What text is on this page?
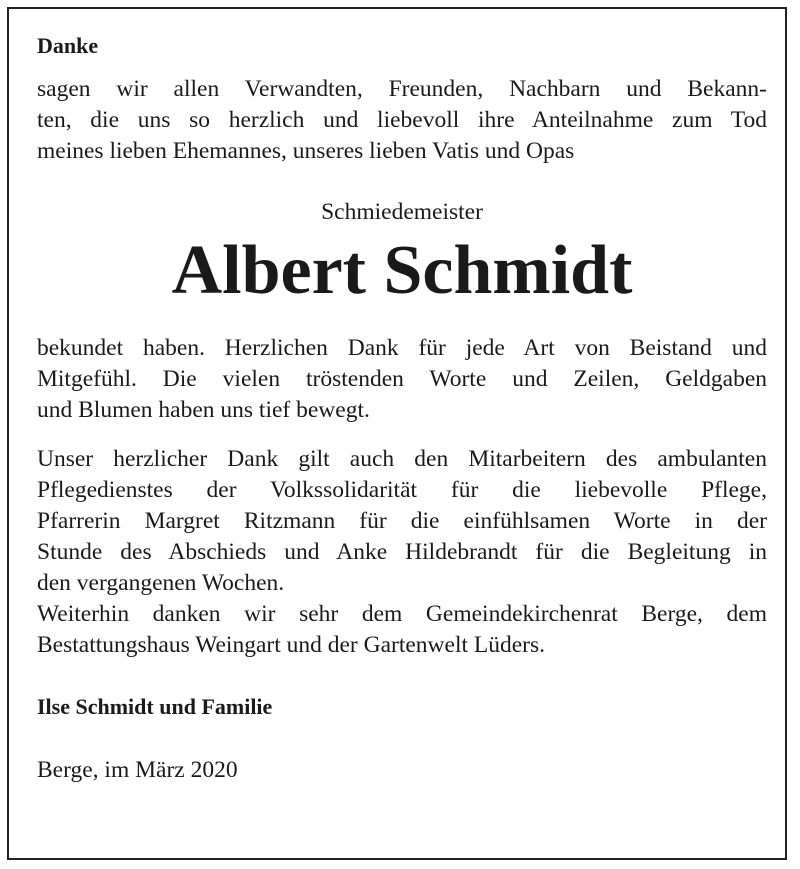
Danke
sagen wir allen Verwandten, Freunden, Nachbarn und Bekann-
ten, die uns so herzlich und liebevoll ihre Anteilnahme zum Tod
meines lieben Ehemannes, unseres lieben Vatis und Opas
Schmiedemeister
Albert Schmidt
bekundet haben. Herzlichen Dank für jede Art von Beistand und
Mitgefühl. Die vielen tröstenden Worte und Zeilen, Geldgaben
und Blumen haben uns tief bewegt.
Unser herzlicher Dank gilt auch den Mitarbeitern des ambulanten
Pflegedienstes der Volkssolidarität für die liebevolle Pflege,
Pfarrerin Margret Ritzmann für die einfühlsamen Worte in der
Stunde des Abschieds und Anke Hildebrandt für die Begleitung in
den vergangenen Wochen.
Weiterhin danken wir sehr dem Gemeindekirchenrat Berge, dem
Bestattungshaus Weingart und der Gartenwelt Lüders.
Ilse Schmidt und Familie
Berge, im März 2020
